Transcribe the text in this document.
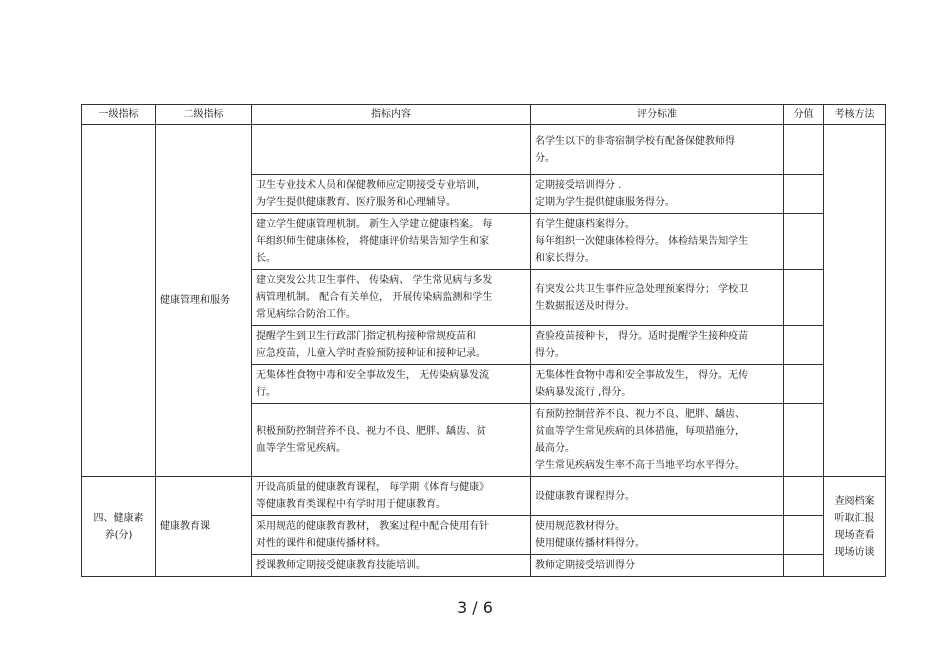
一级指标	二级指标	指标内容	评分标准	分值	考核方法
	健康管理和服务		名学生以下的非寄宿制学校有配备保健教师得
分。		
		卫生专业技术人员和保健教师应定期接受专业培训，
为学生提供健康教育、医疗服务和心理辅导。	定期接受培训得分 .
定期为学生提供健康服务得分。		
		建立学生健康管理机制。 新生入学建立健康档案。 每
年组织师生健康体检， 将健康评价结果告知学生和家
长。	有学生健康档案得分。
每年组织一次健康体检得分。 体检结果告知学生
和家长得分。		
		建立突发公共卫生事件、 传染病、 学生常见病与多发
病管理机制。 配合有关单位， 开展传染病监测和学生
常见病综合防治工作。	有突发公共卫生事件应急处理预案得分； 学校卫
生数据报送及时得分。		
		提醒学生到卫生行政部门指定机构接种常规疫苗和
应急疫苗，儿童入学时查验预防接种证和接种记录。	查验疫苗接种卡， 得分。适时提醒学生接种疫苗
得分。		
		无集体性食物中毒和安全事故发生， 无传染病暴发流
行。	无集体性食物中毒和安全事故发生， 得分。无传
染病暴发流行 ,得分。		
		积极预防控制营养不良、视力不良、肥胖、龋齿、贫
血等学生常见疾病。	有预防控制营养不良、视力不良、肥胖、龋齿、
贫血等学生常见疾病的具体措施，每项措施分，
最高分。
学生常见疾病发生率不高于当地平均水平得分。		
四、健康素
养(分)	健康教育课	开设高质量的健康教育课程， 每学期《体育与健康》
等健康教育类课程中有学时用于健康教育。	设健康教育课程得分。		查阅档案
听取汇报
现场查看
现场访谈
		采用规范的健康教育教材， 教案过程中配合使用有针
对性的课件和健康传播材料。	使用规范教材得分。
使用健康传播材料得分。		
		授课教师定期接受健康教育技能培训。	教师定期接受培训得分		
3 / 6
